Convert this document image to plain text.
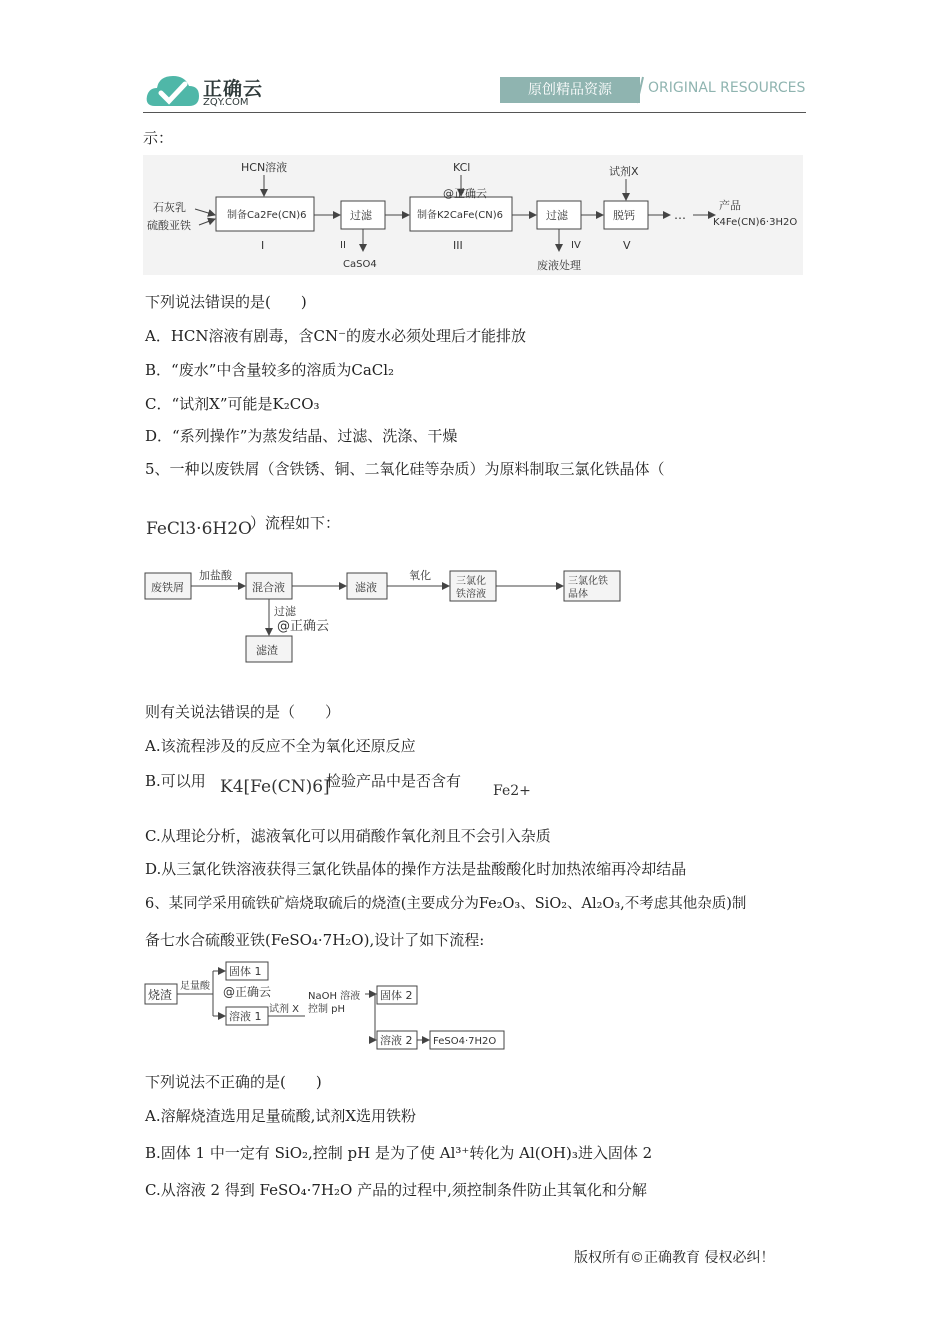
正确云
ZQY.COM
原创精品资源	ORIGINAL RESOURCES
示：
石灰乳
硫酸亚铁
制备Ca2Fe(CN)6
HCN溶液
I
过滤
II
CaSO4
制备K2CaFe(CN)6
KCl
@正确云
III
过滤
IV
废液处理
脱钙
试剂X
V
…
产品
K4Fe(CN)6·3H2O
下列说法错误的是(　　)
A．HCN溶液有剧毒，含CN⁻的废水必须处理后才能排放
B．“废水”中含量较多的溶质为CaCl₂
C．“试剂X”可能是K₂CO₃
D．“系列操作”为蒸发结晶、过滤、洗涤、干燥
5、一种以废铁屑（含铁锈、铜、二氧化硅等杂质）为原料制取三氯化铁晶体（
FeCl3·6H2O
）流程如下：
废铁屑
加盐酸
混合液	滤液
氧化	三氯化
铁溶液
三氯化铁
晶体
过滤
@正确云
滤渣
则有关说法错误的是（　　）
A.该流程涉及的反应不全为氧化还原反应
B.可以用 K4[Fe(CN)6]
检验产品中是否含有
Fe2+
C.从理论分析，滤液氧化可以用硝酸作氧化剂且不会引入杂质
D.从三氯化铁溶液获得三氯化铁晶体的操作方法是盐酸酸化时加热浓缩再冷却结晶
6、某同学采用硫铁矿焙烧取硫后的烧渣(主要成分为Fe₂O₃、SiO₂、Al₂O₃,不考虑其他杂质)制
备七水合硫酸亚铁(FeSO₄·7H₂O),设计了如下流程:
烧渣
足量酸
固体 1
@正确云
溶液 1
试剂 X
NaOH 溶液
控制 pH
固体 2
溶液 2 FeSO4·7H2O
下列说法不正确的是(　　)
A.溶解烧渣选用足量硫酸,试剂X选用铁粉
B.固体 1 中一定有 SiO₂,控制 pH 是为了使 Al³⁺转化为 Al(OH)₃进入固体 2
C.从溶液 2 得到 FeSO₄·7H₂O 产品的过程中,须控制条件防止其氧化和分解
版权所有©正确教育 侵权必纠！
